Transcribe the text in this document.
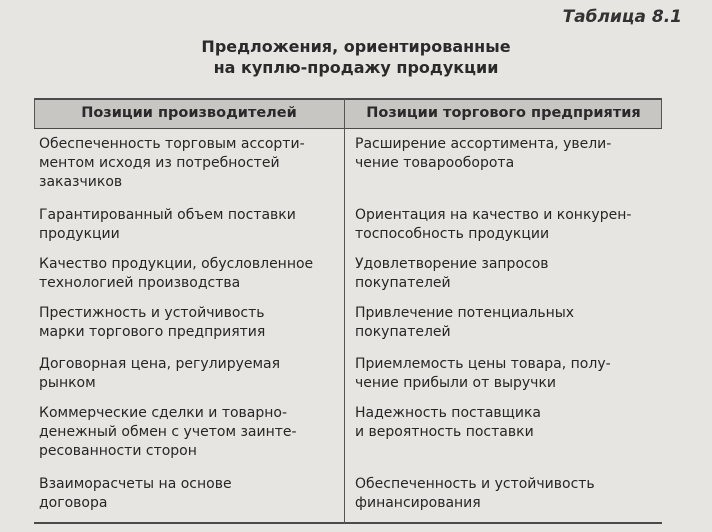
Таблица 8.1
Предложения, ориентированные
на куплю-продажу продукции
Позиции производителей	Позиции торгового предприятия
Обеспеченность торговым ассорти-
ментом исходя из потребностей
заказчиков
Расширение ассортимента, увели-
чение товарооборота
Гарантированный объем поставки
продукции
Ориентация на качество и конкурен-
тоспособность продукции
Качество продукции, обусловленное
технологией производства
Удовлетворение запросов
покупателей
Престижность и устойчивость
марки торгового предприятия
Привлечение потенциальных
покупателей
Договорная цена, регулируемая
рынком
Приемлемость цены товара, полу-
чение прибыли от выручки
Коммерческие сделки и товарно-
денежный обмен с учетом заинте-
ресованности сторон
Надежность поставщика
и вероятность поставки
Взаиморасчеты на основе
договора
Обеспеченность и устойчивость
финансирования
